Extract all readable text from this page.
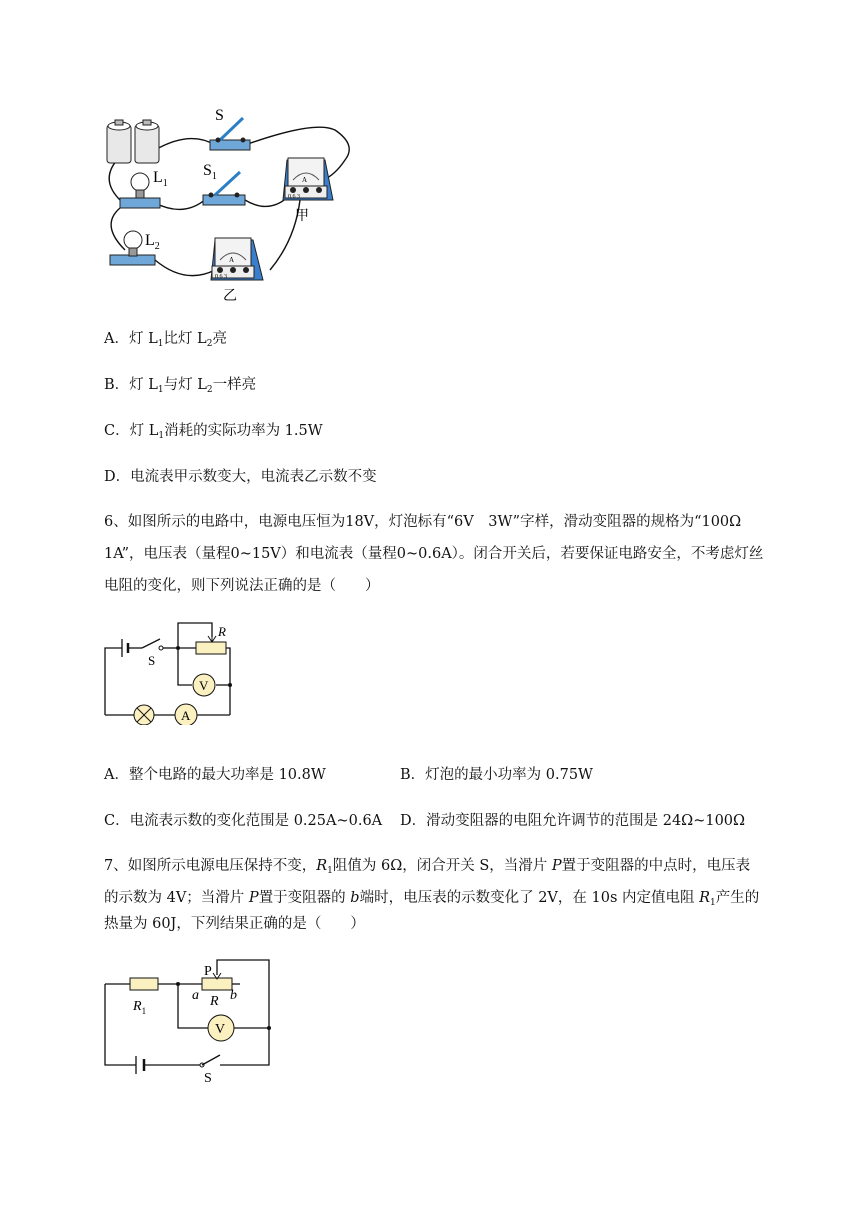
S
$S_1$
$L_1$
$L_2$
A
0.6 3
甲
A
0.6 3
乙
A．灯 $L_1$比灯 $L_2$亮
B．灯 $L_1$与灯 $L_2$一样亮
C．灯 $L_1$消耗的实际功率为 1.5W
D．电流表甲示数变大，电流表乙示数不变
6、如图所示的电路中，电源电压恒为18V，灯泡标有“6V　3W”字样，滑动变阻器的规格为“100Ω
1A”，电压表（量程0~15V）和电流表（量程0~0.6A）。闭合开关后，若要保证电路安全，不考虑灯丝
电阻的变化，则下列说法正确的是（　　）
R
S
V
A
A．整个电路的最大功率是 10.8W	B．灯泡的最小功率为 0.75W
C．电流表示数的变化范围是 0.25A~0.6A D．滑动变阻器的电阻允许调节的范围是 24Ω~100Ω
7、如图所示电源电压保持不变，$R_1$阻值为 6Ω，闭合开关 S，当滑片 P置于变阻器的中点时，电压表
的示数为 4V；当滑片 P置于变阻器的 b端时，电压表的示数变化了 2V，在 10s 内定值电阻 $R_1$产生的
热量为 60J，下列结果正确的是（　　）
$R_1$
P
a R b
V
S
